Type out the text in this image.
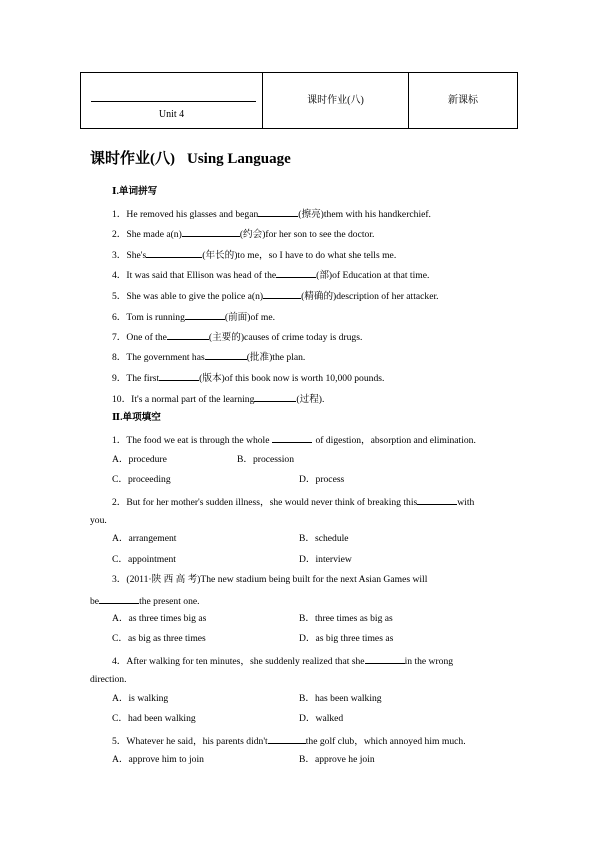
Unit 4

课时作业(八)	新课标
课时作业(八) Using Language
Ⅰ.单词拼写
1．He removed his glasses and began	(擦亮)them with his handkerchief.
2．She made a(n)	(约会)for her son to see the doctor.
3．She's	(年长的)to me，so I have to do what she tells me.
4．It was said that Ellison was head of the	(部)of Education at that time.
5．She was able to give the police a(n)	(精确的)description of her attacker.
6．Tom is running	(前面)of me.
7．One of the	(主要的)causes of crime today is drugs.
8．The government has	(批准)the plan.
9．The first	(版本)of this book now is worth 10,000 pounds.
10．It's a normal part of the learning	(过程).
Ⅱ.单项填空
1．The food we eat is through the whole	of digestion，absorption and elimination.
A．procedure	B．procession
C．proceeding	D．process
2．But for her mother's sudden illness，she would never think of breaking this	with
you.
A．arrangement	B．schedule
C．appointment	D．interview
3．(2011·陕 西 高 考)The new stadium being built for the next Asian Games will
be	the present one.
A．as three times big as	B．three times as big as
C．as big as three times	D．as big three times as
4．After walking for ten minutes，she suddenly realized that she	in the wrong
direction.
A．is walking	B．has been walking
C．had been walking	D．walked
5．Whatever he said，his parents didn't	the golf club，which annoyed him much.
A．approve him to join	B．approve he join
